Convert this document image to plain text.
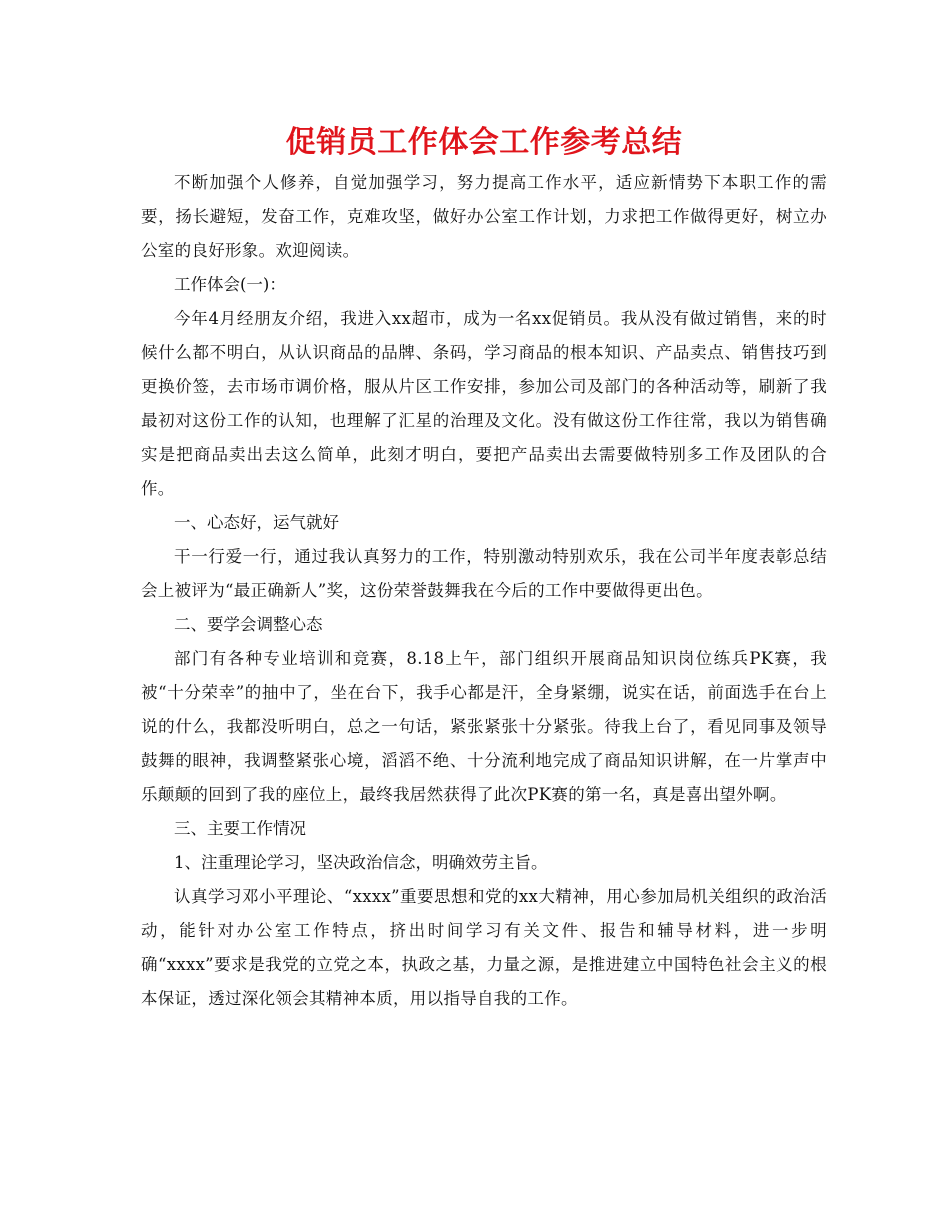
促销员工作体会工作参考总结

不断加强个人修养，自觉加强学习，努力提高工作水平，适应新情势下本职工作的需要，扬长避短，发奋工作，克难攻坚，做好办公室工作计划，力求把工作做得更好，树立办公室的良好形象。欢迎阅读。

工作体会(一)：

今年4月经朋友介绍，我进入xx超市，成为一名xx促销员。我从没有做过销售，来的时候什么都不明白，从认识商品的品牌、条码，学习商品的根本知识、产品卖点、销售技巧到更换价签，去市场市调价格，服从片区工作安排，参加公司及部门的各种活动等，刷新了我最初对这份工作的认知，也理解了汇星的治理及文化。没有做这份工作往常，我以为销售确实是把商品卖出去这么简单，此刻才明白，要把产品卖出去需要做特别多工作及团队的合作。

一、心态好，运气就好

干一行爱一行，通过我认真努力的工作，特别激动特别欢乐，我在公司半年度表彰总结会上被评为“最正确新人”奖，这份荣誉鼓舞我在今后的工作中要做得更出色。

二、要学会调整心态

部门有各种专业培训和竞赛，8.18上午，部门组织开展商品知识岗位练兵PK赛，我被“十分荣幸”的抽中了，坐在台下，我手心都是汗，全身紧绷，说实在话，前面选手在台上说的什么，我都没听明白，总之一句话，紧张紧张十分紧张。待我上台了，看见同事及领导鼓舞的眼神，我调整紧张心境，滔滔不绝、十分流利地完成了商品知识讲解，在一片掌声中乐颠颠的回到了我的座位上，最终我居然获得了此次PK赛的第一名，真是喜出望外啊。

三、主要工作情况

1、注重理论学习，坚决政治信念，明确效劳主旨。

认真学习邓小平理论、“xxxx”重要思想和党的xx大精神，用心参加局机关组织的政治活动，能针对办公室工作特点，挤出时间学习有关文件、报告和辅导材料，进一步明确“xxxx”要求是我党的立党之本，执政之基，力量之源，是推进建立中国特色社会主义的根本保证，透过深化领会其精神本质，用以指导自我的工作。
